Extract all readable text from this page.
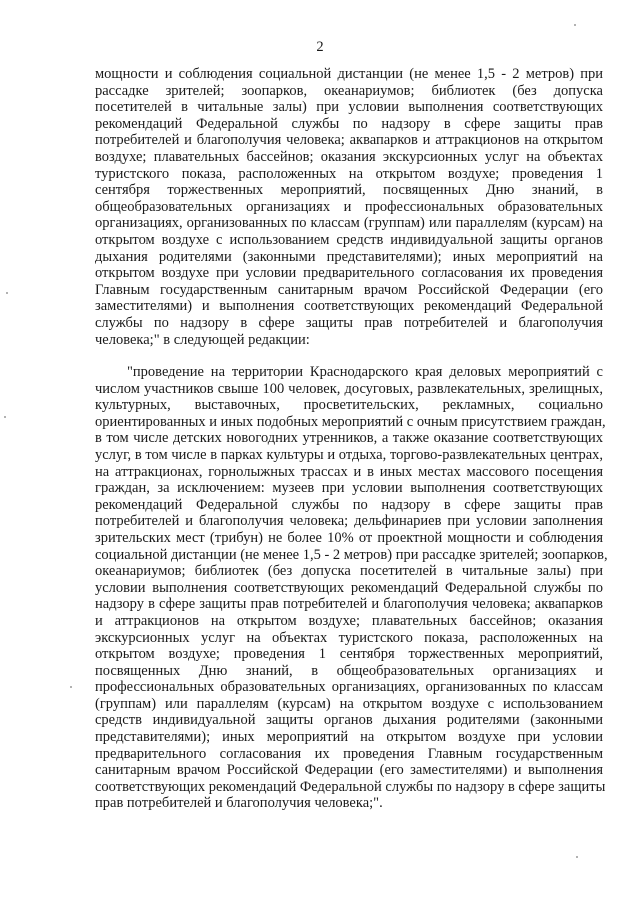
2
мощности и соблюдения социальной дистанции (не менее 1,5 - 2 метров) при
рассадке зрителей; зоопарков, океанариумов; библиотек (без допуска
посетителей в читальные залы) при условии выполнения соответствующих
рекомендаций Федеральной службы по надзору в сфере защиты прав
потребителей и благополучия человека; аквапарков и аттракционов на открытом
воздухе; плавательных бассейнов; оказания экскурсионных услуг на объектах
туристского показа, расположенных на открытом воздухе; проведения 1
сентября торжественных мероприятий, посвященных Дню знаний, в
общеобразовательных организациях и профессиональных образовательных
организациях, организованных по классам (группам) или параллелям (курсам) на
открытом воздухе с использованием средств индивидуальной защиты органов
дыхания родителями (законными представителями); иных мероприятий на
открытом воздухе при условии предварительного согласования их проведения
Главным государственным санитарным врачом Российской Федерации (его
заместителями) и выполнения соответствующих рекомендаций Федеральной
службы по надзору в сфере защиты прав потребителей и благополучия
человека;" в следующей редакции:
"проведение на территории Краснодарского края деловых мероприятий с
числом участников свыше 100 человек, досуговых, развлекательных, зрелищных,
культурных, выставочных, просветительских, рекламных, социально
ориентированных и иных подобных мероприятий с очным присутствием граждан,
в том числе детских новогодних утренников, а также оказание соответствующих
услуг, в том числе в парках культуры и отдыха, торгово-развлекательных центрах,
на аттракционах, горнолыжных трассах и в иных местах массового посещения
граждан, за исключением: музеев при условии выполнения соответствующих
рекомендаций Федеральной службы по надзору в сфере защиты прав
потребителей и благополучия человека; дельфинариев при условии заполнения
зрительских мест (трибун) не более 10% от проектной мощности и соблюдения
социальной дистанции (не менее 1,5 - 2 метров) при рассадке зрителей; зоопарков,
океанариумов; библиотек (без допуска посетителей в читальные залы) при
условии выполнения соответствующих рекомендаций Федеральной службы по
надзору в сфере защиты прав потребителей и благополучия человека; аквапарков
и аттракционов на открытом воздухе; плавательных бассейнов; оказания
экскурсионных услуг на объектах туристского показа, расположенных на
открытом воздухе; проведения 1 сентября торжественных мероприятий,
посвященных Дню знаний, в общеобразовательных организациях и
профессиональных образовательных организациях, организованных по классам
(группам) или параллелям (курсам) на открытом воздухе с использованием
средств индивидуальной защиты органов дыхания родителями (законными
представителями); иных мероприятий на открытом воздухе при условии
предварительного согласования их проведения Главным государственным
санитарным врачом Российской Федерации (его заместителями) и выполнения
соответствующих рекомендаций Федеральной службы по надзору в сфере защиты
прав потребителей и благополучия человека;".
